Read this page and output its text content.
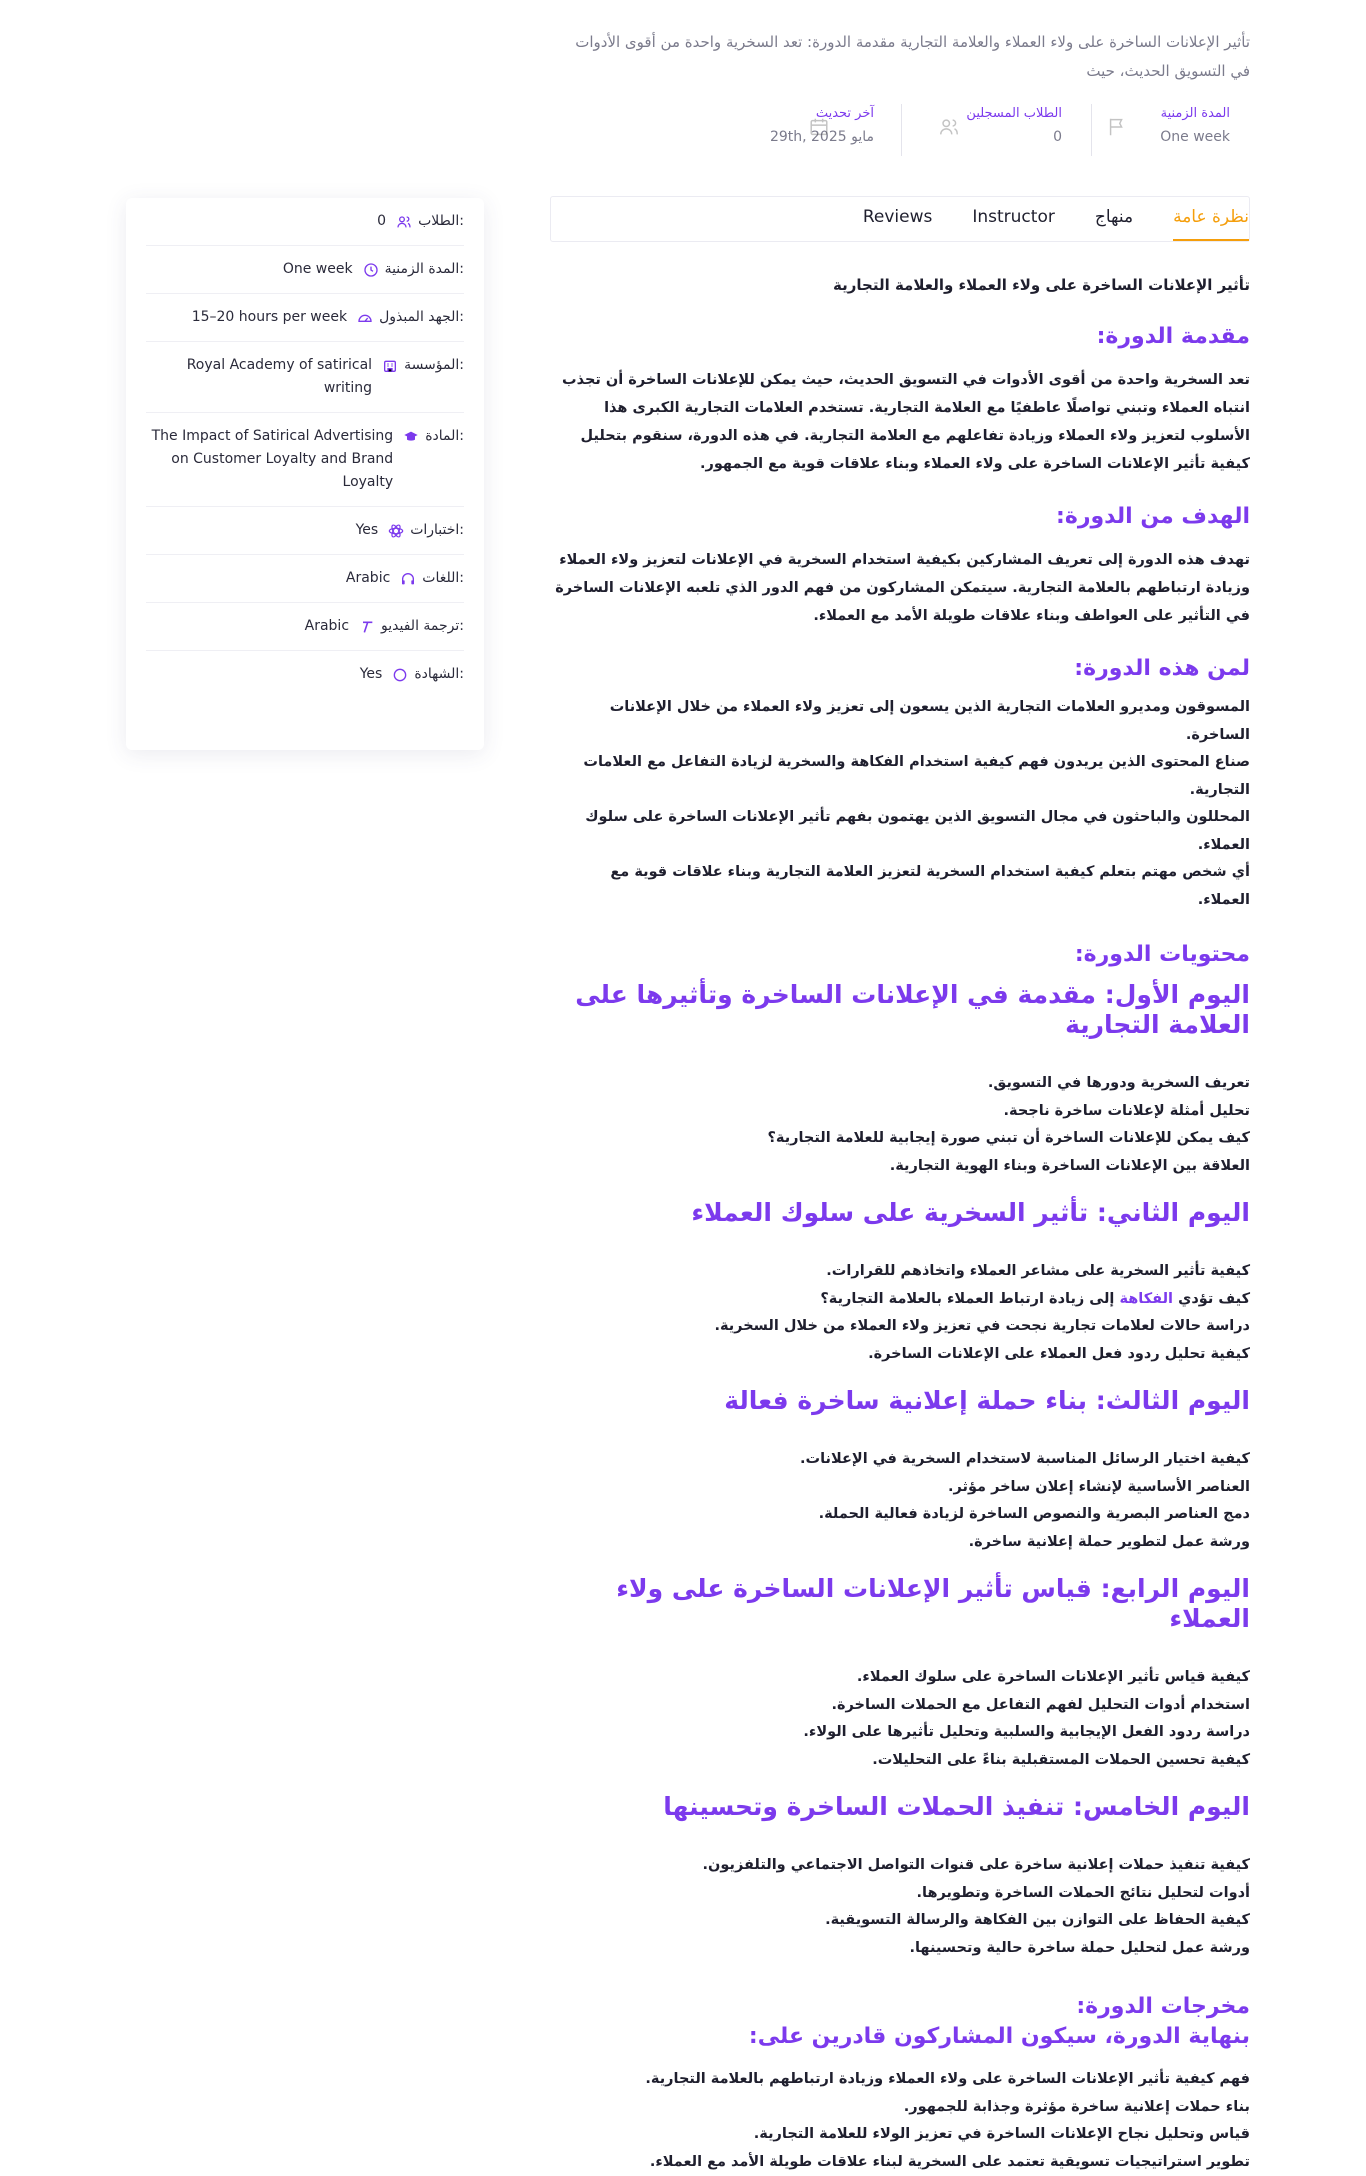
تأثير الإعلانات الساخرة على ولاء العملاء والعلامة التجارية مقدمة الدورة: تعد السخرية واحدة من أقوى الأدوات في التسويق الحديث، حيث
المدة الزمنية
One week
الطلاب المسجلين
0
آخر تحديث
مايو 29th, 2025
نظرة عامة
منهاج
Instructor
Reviews
0 الطلاب:
One week المدة الزمنية:
15–20 hours per week الجهد المبذول:
Royal Academy of satirical writing
المؤسسة:
The Impact of Satirical Advertising on Customer Loyalty and Brand Loyalty
المادة:
Yes اختبارات:
Arabic اللغات:
Arabic ترجمة الفيديو:
Yes الشهادة:
تأثير الإعلانات الساخرة على ولاء العملاء والعلامة التجارية
مقدمة الدورة:
تعد السخرية واحدة من أقوى الأدوات في التسويق الحديث، حيث يمكن للإعلانات الساخرة أن تجذب انتباه العملاء وتبني تواصلًا عاطفيًا مع العلامة التجارية. تستخدم العلامات التجارية الكبرى هذا الأسلوب لتعزيز ولاء العملاء وزيادة تفاعلهم مع العلامة التجارية. في هذه الدورة، سنقوم بتحليل كيفية تأثير الإعلانات الساخرة على ولاء العملاء وبناء علاقات قوية مع الجمهور.
الهدف من الدورة:
تهدف هذه الدورة إلى تعريف المشاركين بكيفية استخدام السخرية في الإعلانات لتعزيز ولاء العملاء وزيادة ارتباطهم بالعلامة التجارية. سيتمكن المشاركون من فهم الدور الذي تلعبه الإعلانات الساخرة في التأثير على العواطف وبناء علاقات طويلة الأمد مع العملاء.
لمن هذه الدورة:

المسوقون ومديرو العلامات التجارية الذين يسعون إلى تعزيز ولاء العملاء من خلال الإعلانات الساخرة.

صناع المحتوى الذين يريدون فهم كيفية استخدام الفكاهة والسخرية لزيادة التفاعل مع العلامات التجارية.

المحللون والباحثون في مجال التسويق الذين يهتمون بفهم تأثير الإعلانات الساخرة على سلوك العملاء.

أي شخص مهتم بتعلم كيفية استخدام السخرية لتعزيز العلامة التجارية وبناء علاقات قوية مع العملاء.

محتويات الدورة:
اليوم الأول: مقدمة في الإعلانات الساخرة وتأثيرها على العلامة التجارية

تعريف السخرية ودورها في التسويق.

تحليل أمثلة لإعلانات ساخرة ناجحة.

كيف يمكن للإعلانات الساخرة أن تبني صورة إيجابية للعلامة التجارية؟

العلاقة بين الإعلانات الساخرة وبناء الهوية التجارية.

اليوم الثاني: تأثير السخرية على سلوك العملاء

كيفية تأثير السخرية على مشاعر العملاء واتخاذهم للقرارات.

كيف تؤدي الفكاهة إلى زيادة ارتباط العملاء بالعلامة التجارية؟

دراسة حالات لعلامات تجارية نجحت في تعزيز ولاء العملاء من خلال السخرية.

كيفية تحليل ردود فعل العملاء على الإعلانات الساخرة.

اليوم الثالث: بناء حملة إعلانية ساخرة فعالة

كيفية اختيار الرسائل المناسبة لاستخدام السخرية في الإعلانات.

العناصر الأساسية لإنشاء إعلان ساخر مؤثر.

دمج العناصر البصرية والنصوص الساخرة لزيادة فعالية الحملة.

ورشة عمل لتطوير حملة إعلانية ساخرة.

اليوم الرابع: قياس تأثير الإعلانات الساخرة على ولاء العملاء

كيفية قياس تأثير الإعلانات الساخرة على سلوك العملاء.

استخدام أدوات التحليل لفهم التفاعل مع الحملات الساخرة.

دراسة ردود الفعل الإيجابية والسلبية وتحليل تأثيرها على الولاء.

كيفية تحسين الحملات المستقبلية بناءً على التحليلات.

اليوم الخامس: تنفيذ الحملات الساخرة وتحسينها

كيفية تنفيذ حملات إعلانية ساخرة على قنوات التواصل الاجتماعي والتلفزيون.

أدوات لتحليل نتائج الحملات الساخرة وتطويرها.

كيفية الحفاظ على التوازن بين الفكاهة والرسالة التسويقية.

ورشة عمل لتحليل حملة ساخرة حالية وتحسينها.

مخرجات الدورة:
بنهاية الدورة، سيكون المشاركون قادرين على:

فهم كيفية تأثير الإعلانات الساخرة على ولاء العملاء وزيادة ارتباطهم بالعلامة التجارية.

بناء حملات إعلانية ساخرة مؤثرة وجذابة للجمهور.

قياس وتحليل نجاح الإعلانات الساخرة في تعزيز الولاء للعلامة التجارية.

تطوير استراتيجيات تسويقية تعتمد على السخرية لبناء علاقات طويلة الأمد مع العملاء.
